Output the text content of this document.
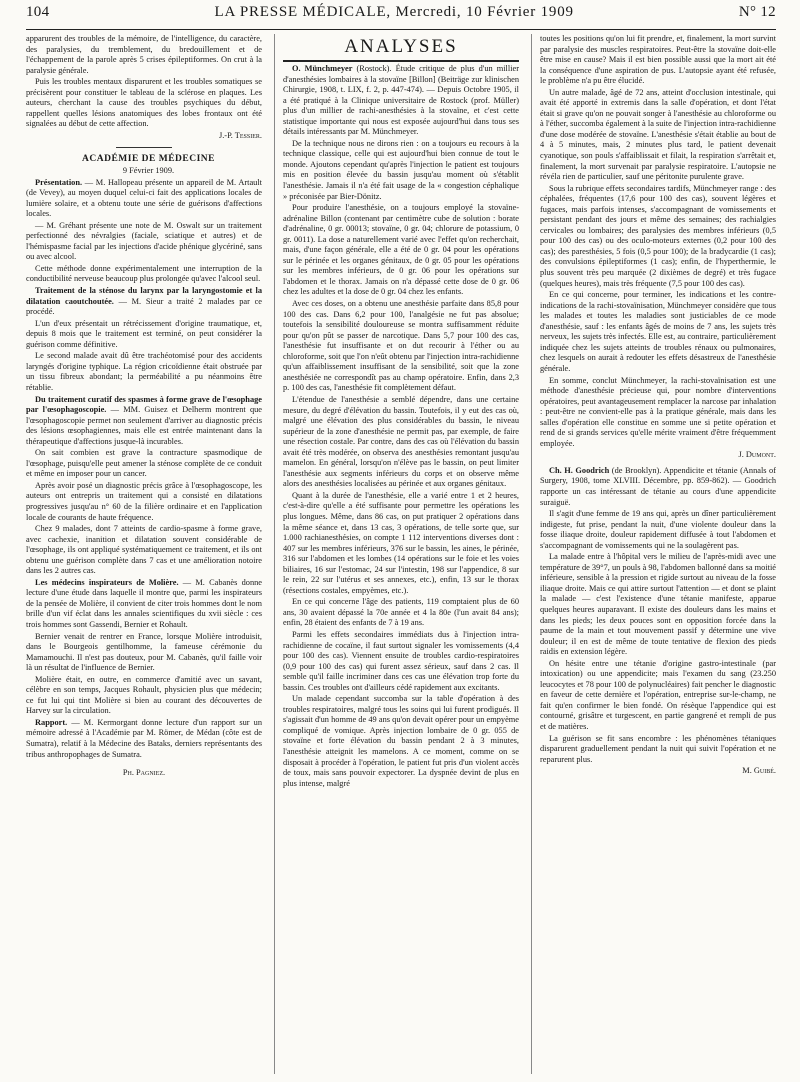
104	LA PRESSE MÉDICALE, Mercredi, 10 Février 1909	N° 12

apparurent des troubles de la mémoire, de l'intelligence, du caractère, des paralysies, du tremblement, du bredouillement et de l'échappement de la parole après 5 crises épileptiformes. On crut à la paralysie générale.

Puis les troubles mentaux disparurent et les troubles somatiques se précisèrent pour constituer le tableau de la sclérose en plaques. Les auteurs, cherchant la cause des troubles psychiques du début, rappellent quelles lésions anatomiques des lobes frontaux ont été signalées au début de cette affection.

J.-P. Tessier.

ACADÉMIE DE MÉDECINE

9 Février 1909.

Présentation. — M. Hallopeau présente un appareil de M. Artault (de Vevey), au moyen duquel celui-ci fait des applications locales de lumière solaire, et a obtenu toute une série de guérisons d'affections locales.

— M. Gréhant présente une note de M. Oswalt sur un traitement perfectionné des névralgies (faciale, sciatique et autres) et de l'hémispasme facial par les injections d'acide phénique glycériné, sans ou avec alcool.

Cette méthode donne expérimentalement une interruption de la conductibilité nerveuse beaucoup plus prolongée qu'avec l'alcool seul.

Traitement de la sténose du larynx par la laryngostomie et la dilatation caoutchoutée. — M. Sieur a traité 2 malades par ce procédé.

L'un d'eux présentait un rétrécissement d'origine traumatique, et, depuis 8 mois que le traitement est terminé, on peut considérer la guérison comme définitive.

Le second malade avait dû être trachéotomisé pour des accidents laryngés d'origine typhique. La région cricoïdienne était obstruée par un tissu fibreux abondant; la perméabilité a pu néanmoins être rétablie.

Du traitement curatif des spasmes à forme grave de l'œsophage par l'œsophagoscopie. — MM. Guisez et Delherm montrent que l'œsophagoscopie permet non seulement d'arriver au diagnostic précis des lésions œsophagiennes, mais elle est entrée maintenant dans la thérapeutique d'affections jusque-là incurables.

On sait combien est grave la contracture spasmodique de l'œsophage, puisqu'elle peut amener la sténose complète de ce conduit et même en imposer pour un cancer.

Après avoir posé un diagnostic précis grâce à l'œsophagoscope, les auteurs ont entrepris un traitement qui a consisté en dilatations progressives jusqu'au n° 60 de la filière ordinaire et en l'application locale de courants de haute fréquence.

Chez 9 malades, dont 7 atteints de cardio-spasme à forme grave, avec cachexie, inanition et dilatation souvent considérable de l'œsophage, ils ont appliqué systématiquement ce traitement, et ils ont obtenu une guérison complète dans 7 cas et une amélioration notoire dans les 2 autres cas.

Les médecins inspirateurs de Molière. — M. Cabanès donne lecture d'une étude dans laquelle il montre que, parmi les inspirateurs de la pensée de Molière, il convient de citer trois hommes dont le nom brille d'un vif éclat dans les annales scientifiques du xvii siècle : ces trois hommes sont Gassendi, Bernier et Rohault.

Bernier venait de rentrer en France, lorsque Molière introduisit, dans le Bourgeois gentilhomme, la fameuse cérémonie du Mamamouchi. Il n'est pas douteux, pour M. Cabanès, qu'il faille voir là un résultat de l'influence de Bernier.

Molière était, en outre, en commerce d'amitié avec un savant, célèbre en son temps, Jacques Rohault, physicien plus que médecin; ce fut lui qui tint Molière si bien au courant des découvertes de Harvey sur la circulation.

Rapport. — M. Kermorgant donne lecture d'un rapport sur un mémoire adressé à l'Académie par M. Römer, de Médan (côte est de Sumatra), relatif à la Médecine des Bataks, derniers représentants des tribus anthropophages de Sumatra.

Ph. Pagniez.

ANALYSES

O. Münchmeyer (Rostock). Étude critique de plus d'un millier d'anesthésies lombaires à la stovaïne [Billon] (Beiträge zur klinischen Chirurgie, 1908, t. LIX, f. 2, p. 447-474). — Depuis Octobre 1905, il a été pratiqué à la Clinique universitaire de Rostock (prof. Müller) plus d'un millier de rachi-anesthésies à la stovaïne, et c'est cette statistique importante qui nous est exposée aujourd'hui dans tous ses détails intéressants par M. Münchmeyer.

De la technique nous ne dirons rien : on a toujours eu recours à la technique classique, celle qui est aujourd'hui bien connue de tout le monde. Ajoutons cependant qu'après l'injection le patient est toujours mis en position élevée du bassin jusqu'au moment où s'établit l'anesthésie. Jamais il n'a été fait usage de la « congestion céphalique » préconisée par Bier-Dönitz.

Pour produire l'anesthésie, on a toujours employé la stovaïne-adrénaline Billon (contenant par centimètre cube de solution : borate d'adrénaline, 0 gr. 00013; stovaïne, 0 gr. 04; chlorure de potassium, 0 gr. 0011). La dose a naturellement varié avec l'effet qu'on recherchait, mais, d'une façon générale, elle a été de 0 gr. 04 pour les opérations sur le périnée et les organes génitaux, de 0 gr. 05 pour les opérations sur les membres inférieurs, de 0 gr. 06 pour les opérations sur l'abdomen et le thorax. Jamais on n'a dépassé cette dose de 0 gr. 06 chez les adultes et la dose de 0 gr. 04 chez les enfants.

Avec ces doses, on a obtenu une anesthésie parfaite dans 85,8 pour 100 des cas. Dans 6,2 pour 100, l'analgésie ne fut pas absolue; toutefois la sensibilité douloureuse se montra suffisamment réduite pour qu'on pût se passer de narcotique. Dans 5,7 pour 100 des cas, l'anesthésie fut insuffisante et on dut recourir à l'éther ou au chloroforme, soit que l'on n'eût obtenu par l'injection intra-rachidienne qu'un affaiblissement insuffisant de la sensibilité, soit que la zone anesthésiée ne correspondît pas au champ opératoire. Enfin, dans 2,3 p. 100 des cas, l'anesthésie fit complètement défaut.

L'étendue de l'anesthésie a semblé dépendre, dans une certaine mesure, du degré d'élévation du bassin. Toutefois, il y eut des cas où, malgré une élévation des plus considérables du bassin, le niveau supérieur de la zone d'anesthésie ne permit pas, par exemple, de faire une résection costale. Par contre, dans des cas où l'élévation du bassin avait été très modérée, on observa des anesthésies remontant jusqu'au mamelon. En général, lorsqu'on n'élève pas le bassin, on peut limiter l'anesthésie aux segments inférieurs du corps et on observe même alors des anesthésies localisées au périnée et aux organes génitaux.

Quant à la durée de l'anesthésie, elle a varié entre 1 et 2 heures, c'est-à-dire qu'elle a été suffisante pour permettre les opérations les plus longues. Même, dans 86 cas, on put pratiquer 2 opérations dans la même séance et, dans 13 cas, 3 opérations, de telle sorte que, sur 1.000 rachianesthésies, on compte 1 112 interventions diverses dont : 407 sur les membres inférieurs, 376 sur le bassin, les aines, le périnée, 316 sur l'abdomen et les lombes (14 opérations sur le foie et les voies biliaires, 16 sur l'estomac, 24 sur l'intestin, 198 sur l'appendice, 8 sur le rein, 22 sur l'utérus et ses annexes, etc.), enfin, 13 sur le thorax (résections costales, empyèmes, etc.).

En ce qui concerne l'âge des patients, 119 comptaient plus de 60 ans, 30 avaient dépassé la 70e année et 4 la 80e (l'un avait 84 ans); enfin, 28 étaient des enfants de 7 à 19 ans.

Parmi les effets secondaires immédiats dus à l'injection intra-rachidienne de cocaïne, il faut surtout signaler les vomissements (4,4 pour 100 des cas). Viennent ensuite de troubles cardio-respiratoires (0,9 pour 100 des cas) qui furent assez sérieux, sauf dans 2 cas. Il semble qu'il faille incriminer dans ces cas une élévation trop forte du bassin. Ces troubles ont d'ailleurs cédé rapidement aux excitants.

Un malade cependant succomba sur la table d'opération à des troubles respiratoires, malgré tous les soins qui lui furent prodigués. Il s'agissait d'un homme de 49 ans qu'on devait opérer pour un empyème compliqué de vomique. Après injection lombaire de 0 gr. 055 de stovaïne et forte élévation du bassin pendant 2 à 3 minutes, l'anesthésie atteignit les mamelons. A ce moment, comme on se disposait à procéder à l'opération, le patient fut pris d'un violent accès de toux, mais sans pouvoir expectorer. La dyspnée devint de plus en plus intense, malgré

toutes les positions qu'on lui fit prendre, et, finalement, la mort survint par paralysie des muscles respiratoires. Peut-être la stovaïne doit-elle être mise en cause? Mais il est bien possible aussi que la mort ait été la conséquence d'une aspiration de pus. L'autopsie ayant été refusée, le problème n'a pu être élucidé.

Un autre malade, âgé de 72 ans, atteint d'occlusion intestinale, qui avait été apporté in extremis dans la salle d'opération, et dont l'état était si grave qu'on ne pouvait songer à l'anesthésie au chloroforme ou à l'éther, succomba également à la suite de l'injection intra-rachidienne d'une dose modérée de stovaïne. L'anesthésie s'était établie au bout de 4 à 5 minutes, mais, 2 minutes plus tard, le patient devenait cyanotique, son pouls s'affaiblissait et filait, la respiration s'arrêtait et, finalement, la mort survenait par paralysie respiratoire. L'autopsie ne révéla rien de particulier, sauf une péritonite purulente grave.

Sous la rubrique effets secondaires tardifs, Münchmeyer range : des céphalées, fréquentes (17,6 pour 100 des cas), souvent légères et fugaces, mais parfois intenses, s'accompagnant de vomissements et persistant pendant des jours et même des semaines; des rachialgies cervicales ou lombaires; des paralysies des membres inférieurs (0,5 pour 100 des cas) ou des oculo-moteurs externes (0,2 pour 100 des cas); des paresthésies, 5 fois (0,5 pour 100); de la bradycardie (1 cas); des convulsions épileptiformes (1 cas); enfin, de l'hyperthermie, le plus souvent très peu marquée (2 dixièmes de degré) et très fugace (quelques heures), mais très fréquente (7,5 pour 100 des cas).

En ce qui concerne, pour terminer, les indications et les contre-indications de la rachi-stovaïnisation, Münchmeyer considère que tous les malades et toutes les maladies sont justiciables de ce mode d'anesthésie, sauf : les enfants âgés de moins de 7 ans, les sujets très nerveux, les sujets très infectés. Elle est, au contraire, particulièrement indiquée chez les sujets atteints de troubles rénaux ou pulmonaires, chez lesquels on aurait à redouter les effets désastreux de l'anesthésie générale.

En somme, conclut Münchmeyer, la rachi-stovaïnisation est une méthode d'anesthésie précieuse qui, pour nombre d'interventions opératoires, peut avantageusement remplacer la narcose par inhalation : peut-être ne convient-elle pas à la pratique générale, mais dans les salles d'opération elle constitue en somme une si petite opération et rend de si grands services qu'elle mérite vraiment d'être fréquemment employée.

J. Dumont.

Ch. H. Goodrich (de Brooklyn). Appendicite et tétanie (Annals of Surgery, 1908, tome XLVIII. Décembre, pp. 859-862). — Goodrich rapporte un cas intéressant de tétanie au cours d'une appendicite suraiguë.

Il s'agit d'une femme de 19 ans qui, après un dîner particulièrement indigeste, fut prise, pendant la nuit, d'une violente douleur dans la fosse iliaque droite, douleur rapidement diffusée à tout l'abdomen et s'accompagnant de vomissements qui ne la soulagèrent pas.

La malade entre à l'hôpital vers le milieu de l'après-midi avec une température de 39°7, un pouls à 98, l'abdomen ballonné dans sa moitié inférieure, sensible à la pression et rigide surtout au niveau de la fosse iliaque droite. Mais ce qui attire surtout l'attention — et dont se plaint la malade — c'est l'existence d'une tétanie manifeste, apparue quelques heures auparavant. Il existe des douleurs dans les mains et dans les pieds; les deux pouces sont en opposition forcée dans la paume de la main et tout mouvement passif y détermine une vive douleur; il en est de même de toute tentative de flexion des pieds raidis en extension légère.

On hésite entre une tétanie d'origine gastro-intestinale (par intoxication) ou une appendicite; mais l'examen du sang (23.250 leucocytes et 78 pour 100 de polynucléaires) fait pencher le diagnostic en faveur de cette dernière et l'opération, entreprise sur-le-champ, ne fait qu'en confirmer le bien fondé. On résèque l'appendice qui est contourné, grisâtre et turgescent, en partie gangrené et rempli de pus et de matières.

La guérison se fit sans encombre : les phénomènes tétaniques disparurent graduellement pendant la nuit qui suivit l'opération et ne reparurent plus.

M. Guibé.
